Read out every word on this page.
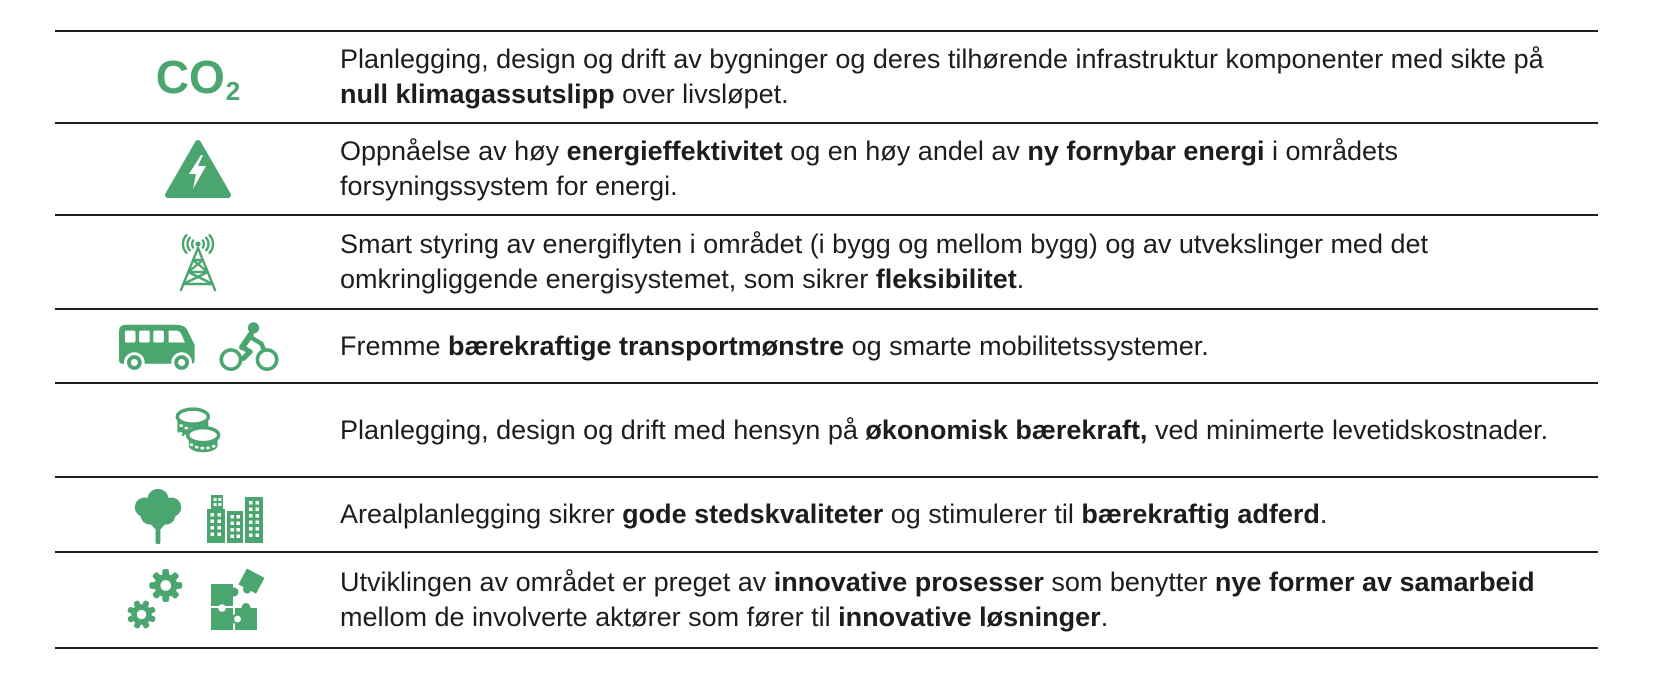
$CO_2$

Planlegging, design og drift av bygninger og deres tilhørende infrastruktur komponenter med sikte på null klimagassutslipp over livsløpet.

Oppnåelse av høy energieffektivitet og en høy andel av ny fornybar energi i områdets forsyningssystem for energi.

Smart styring av energiflyten i området (i bygg og mellom bygg) og av utvekslinger med det omkringliggende energisystemet, som sikrer fleksibilitet.

Fremme bærekraftige transportmønstre og smarte mobilitetssystemer.

Planlegging, design og drift med hensyn på økonomisk bærekraft, ved minimerte levetidskostnader.

Arealplanlegging sikrer gode stedskvaliteter og stimulerer til bærekraftig adferd.

Utviklingen av området er preget av innovative prosesser som benytter nye former av samarbeid mellom de involverte aktører som fører til innovative løsninger.
